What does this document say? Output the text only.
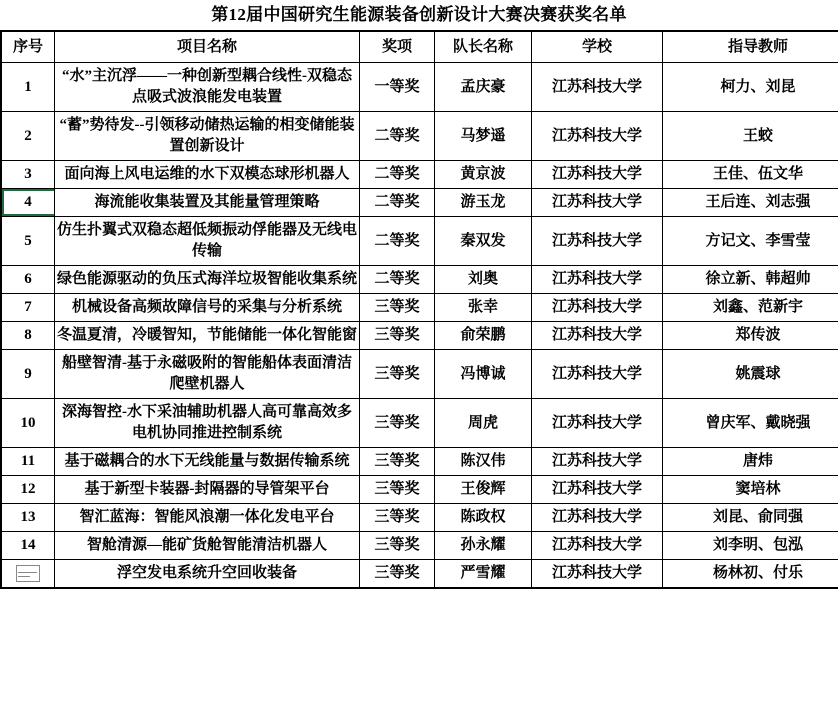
第12届中国研究生能源装备创新设计大赛决赛获奖名单
序号	项目名称	奖项	队长名称	学校	指导教师
1	“水”主沉浮——一种创新型耦合线性-双稳态点吸式波浪能发电装置	一等奖	孟庆豪	江苏科技大学	柯力、刘昆
2	“蓄”势待发--引领移动储热运输的相变储能装置创新设计	二等奖	马梦遥	江苏科技大学	王蛟
3	面向海上风电运维的水下双模态球形机器人	二等奖	黄京波	江苏科技大学	王佳、伍文华
4	海流能收集装置及其能量管理策略	二等奖	游玉龙	江苏科技大学	王后连、刘志强
5	仿生扑翼式双稳态超低频振动俘能器及无线电传输	二等奖	秦双发	江苏科技大学	方记文、李雪莹
6	绿色能源驱动的负压式海洋垃圾智能收集系统	二等奖	刘奥	江苏科技大学	徐立新、韩超帅
7	机械设备高频故障信号的采集与分析系统	三等奖	张幸	江苏科技大学	刘鑫、范新宇
8	冬温夏清，冷暖智知，节能储能一体化智能窗	三等奖	俞荣鹏	江苏科技大学	郑传波
9	船壁智清-基于永磁吸附的智能船体表面清洁爬壁机器人	三等奖	冯博诚	江苏科技大学	姚震球
10	深海智控-水下采油辅助机器人高可靠高效多电机协同推进控制系统	三等奖	周虎	江苏科技大学	曾庆军、戴晓强
11	基于磁耦合的水下无线能量与数据传输系统	三等奖	陈汉伟	江苏科技大学	唐炜
12	基于新型卡装器-封隔器的导管架平台	三等奖	王俊辉	江苏科技大学	窦培林
13	智汇蓝海：智能风浪潮一体化发电平台	三等奖	陈政权	江苏科技大学	刘昆、俞同强
14	智舱清源—能矿货舱智能清洁机器人	三等奖	孙永耀	江苏科技大学	刘李明、包泓
	浮空发电系统升空回收装备	三等奖	严雪耀	江苏科技大学	杨林初、付乐
